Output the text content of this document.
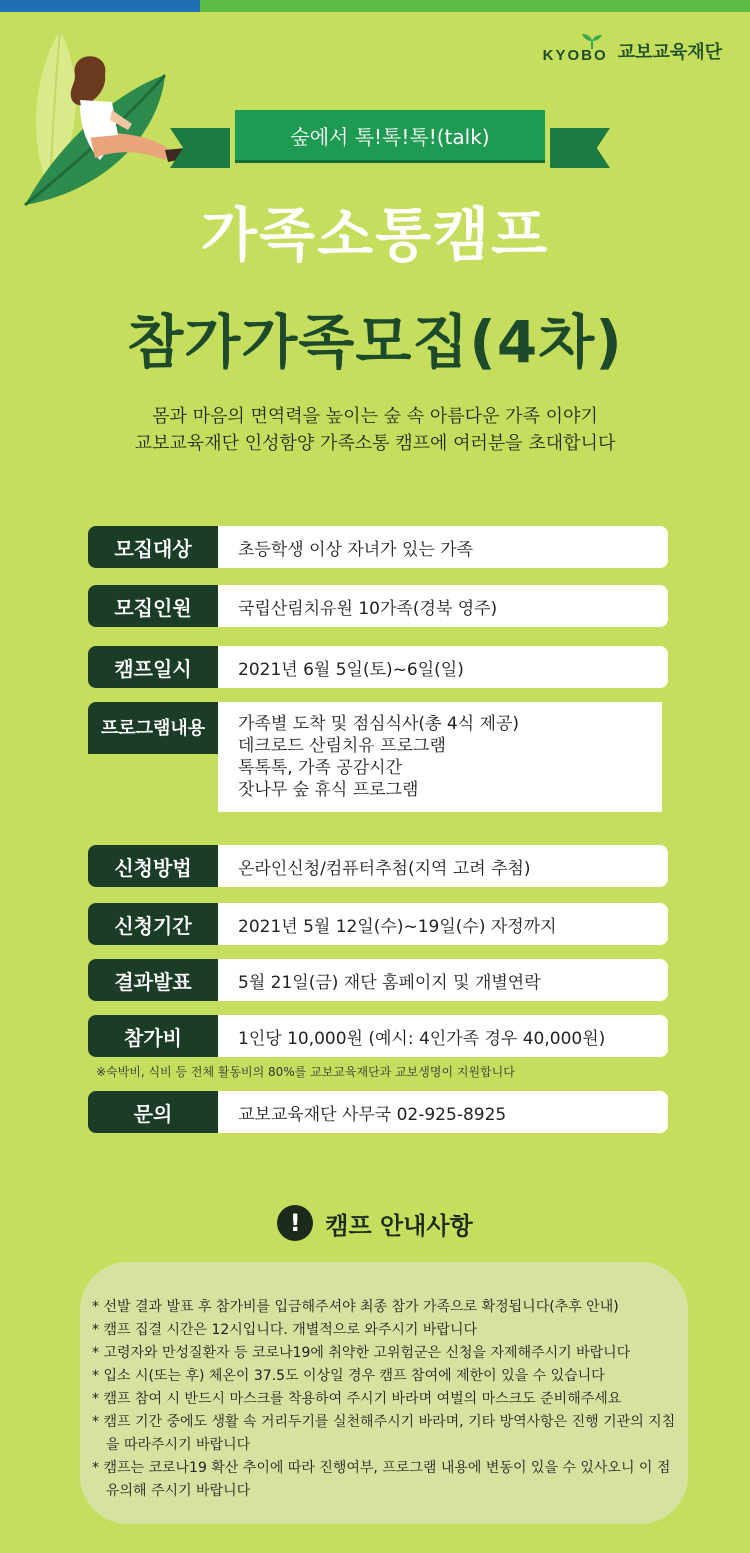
KYOBO 교보교육재단
숲에서 톡!톡!톡!(talk)
가족소통캠프
참가가족모집(4차)
몸과 마음의 면역력을 높이는 숲 속 아름다운 가족 이야기
교보교육재단 인성함양 가족소통 캠프에 여러분을 초대합니다
모집대상	초등학생 이상 자녀가 있는 가족
모집인원	국립산림치유원 10가족(경북 영주)
캠프일시	2021년 6월 5일(토)~6일(일)
프로그램내용	가족별 도착 및 점심식사(총 4식 제공)
데크로드 산림치유 프로그램
톡톡톡, 가족 공감시간
잣나무 숲 휴식 프로그램
신청방법	온라인신청/컴퓨터추첨(지역 고려 추첨)
신청기간	2021년 5월 12일(수)~19일(수) 자정까지
결과발표	5월 21일(금) 재단 홈페이지 및 개별연락
참가비	1인당 10,000원 (예시: 4인가족 경우 40,000원)
※숙박비, 식비 등 전체 활동비의 80%를 교보교육재단과 교보생명이 지원합니다
문의	교보교육재단 사무국 02-925-8925
!	캠프 안내사항
* 선발 결과 발표 후 참가비를 입금해주셔야 최종 참가 가족으로 확정됩니다(추후 안내)
* 캠프 집결 시간은 12시입니다. 개별적으로 와주시기 바랍니다
* 고령자와 만성질환자 등 코로나19에 취약한 고위험군은 신청을 자제해주시기 바랍니다
* 입소 시(또는 후) 체온이 37.5도 이상일 경우 캠프 참여에 제한이 있을 수 있습니다
* 캠프 참여 시 반드시 마스크를 착용하여 주시기 바라며 여벌의 마스크도 준비해주세요
* 캠프 기간 중에도 생활 속 거리두기를 실천해주시기 바라며, 기타 방역사항은 진행 기관의 지침을 따라주시기 바랍니다
* 캠프는 코로나19 확산 추이에 따라 진행여부, 프로그램 내용에 변동이 있을 수 있사오니 이 점 유의해 주시기 바랍니다
